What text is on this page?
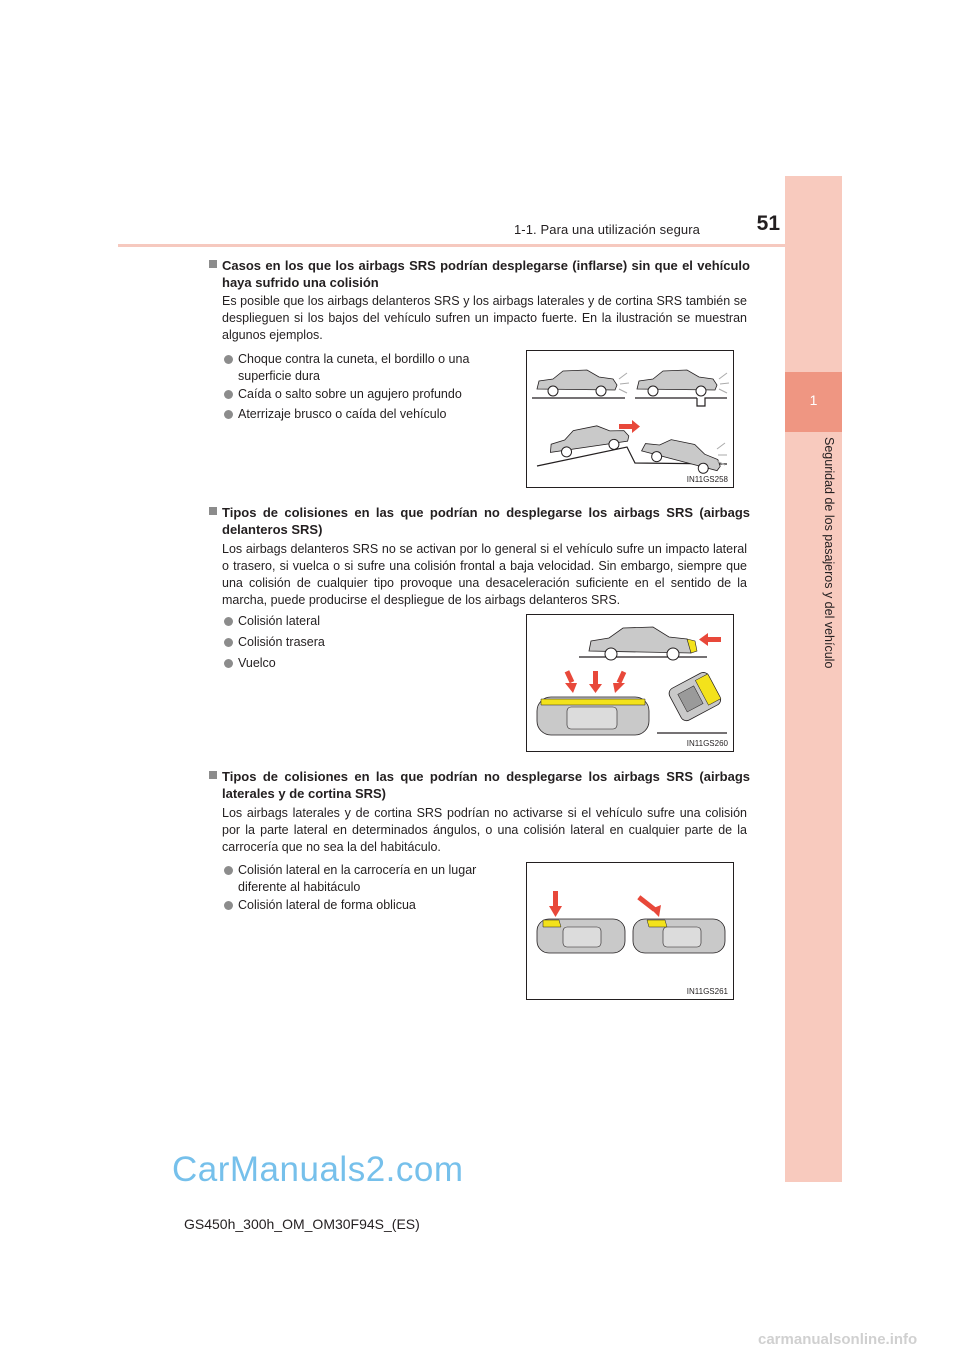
1-1. Para una utilización segura	51
1
Seguridad de los pasajeros y del vehículo
Casos en los que los airbags SRS podrían desplegarse (inflarse) sin que el vehículo haya sufrido una colisión
Es posible que los airbags delanteros SRS y los airbags laterales y de cortina SRS también se desplieguen si los bajos del vehículo sufren un impacto fuerte. En la ilustración se muestran algunos ejemplos.
Choque contra la cuneta, el bordillo o una superficie dura
Caída o salto sobre un agujero profundo
Aterrizaje brusco o caída del vehículo
IN11GS258
Tipos de colisiones en las que podrían no desplegarse los airbags SRS (airbags delanteros SRS)
Los airbags delanteros SRS no se activan por lo general si el vehículo sufre un impacto lateral o trasero, si vuelca o si sufre una colisión frontal a baja velocidad. Sin embargo, siempre que una colisión de cualquier tipo provoque una desaceleración suficiente en el sentido de la marcha, puede producirse el despliegue de los airbags delanteros SRS.
Colisión lateral
Colisión trasera
Vuelco
IN11GS260
Tipos de colisiones en las que podrían no desplegarse los airbags SRS (airbags laterales y de cortina SRS)
Los airbags laterales y de cortina SRS podrían no activarse si el vehículo sufre una colisión por la parte lateral en determinados ángulos, o una colisión lateral en cualquier parte de la carrocería que no sea la del habitáculo.
Colisión lateral en la carrocería en un lugar diferente al habitáculo
Colisión lateral de forma oblicua
IN11GS261
CarManuals2.com
GS450h_300h_OM_OM30F94S_(ES)
carmanualsonline.info
